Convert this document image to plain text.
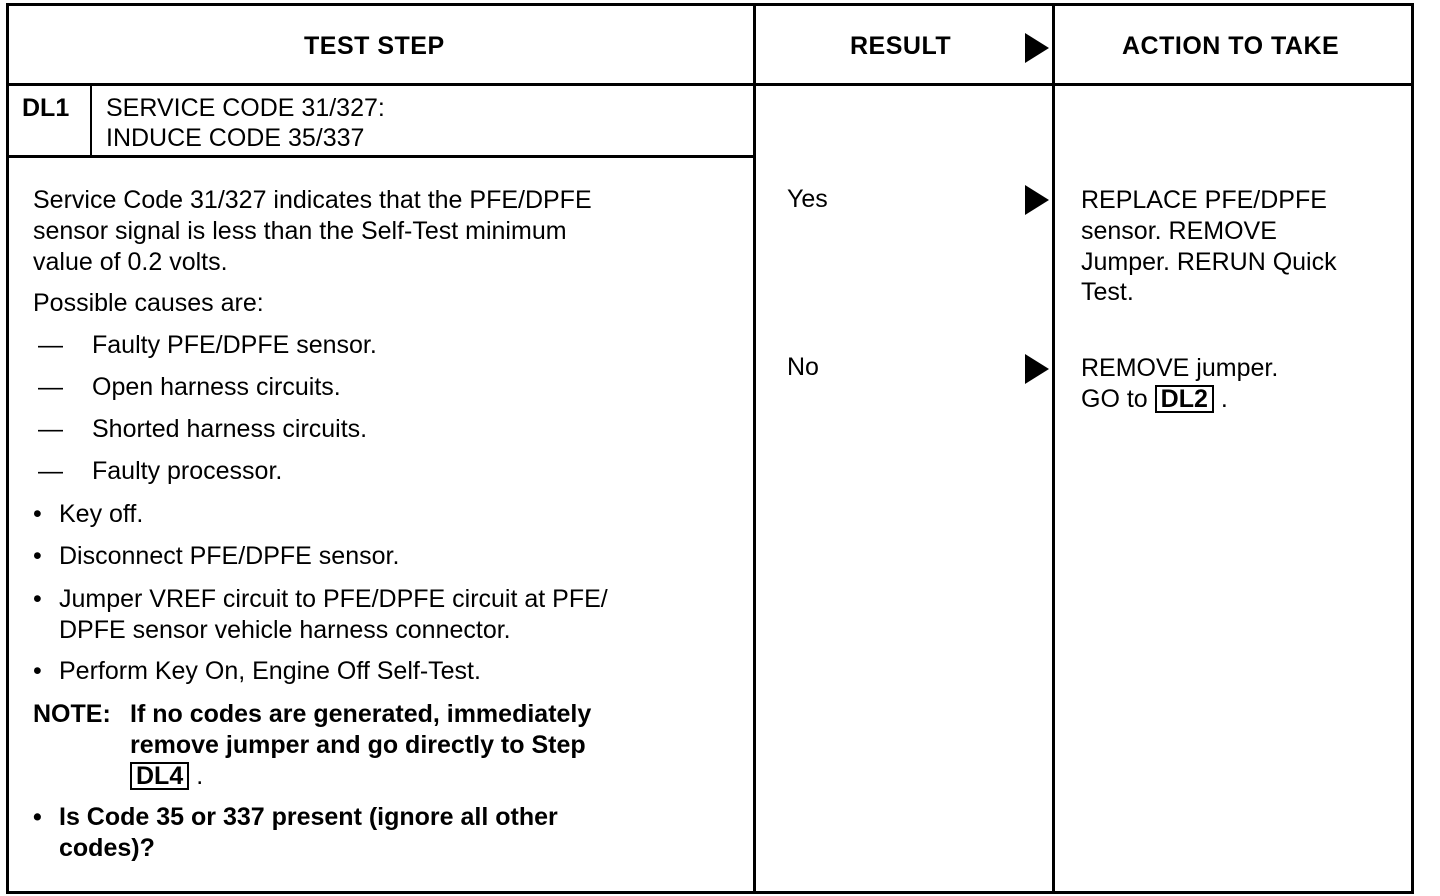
TEST STEP	RESULT	ACTION TO TAKE
DL1 SERVICE CODE 31/327:
INDUCE CODE 35/337
Service Code 31/327 indicates that the PFE/DPFE
sensor signal is less than the Self-Test minimum
value of 0.2 volts.
Possible causes are:
— Faulty PFE/DPFE sensor.
— Open harness circuits.
— Shorted harness circuits.
— Faulty processor.
• Key off.
• Disconnect PFE/DPFE sensor.
• Jumper VREF circuit to PFE/DPFE circuit at PFE/
DPFE sensor vehicle harness connector.
• Perform Key On, Engine Off Self-Test.
NOTE: If no codes are generated, immediately
remove jumper and go directly to Step
DL4 .
• Is Code 35 or 337 present (ignore all other
codes)?
Yes
No
REPLACE PFE/DPFE
sensor. REMOVE
Jumper. RERUN Quick
Test.
REMOVE jumper.
GO to DL2 .
